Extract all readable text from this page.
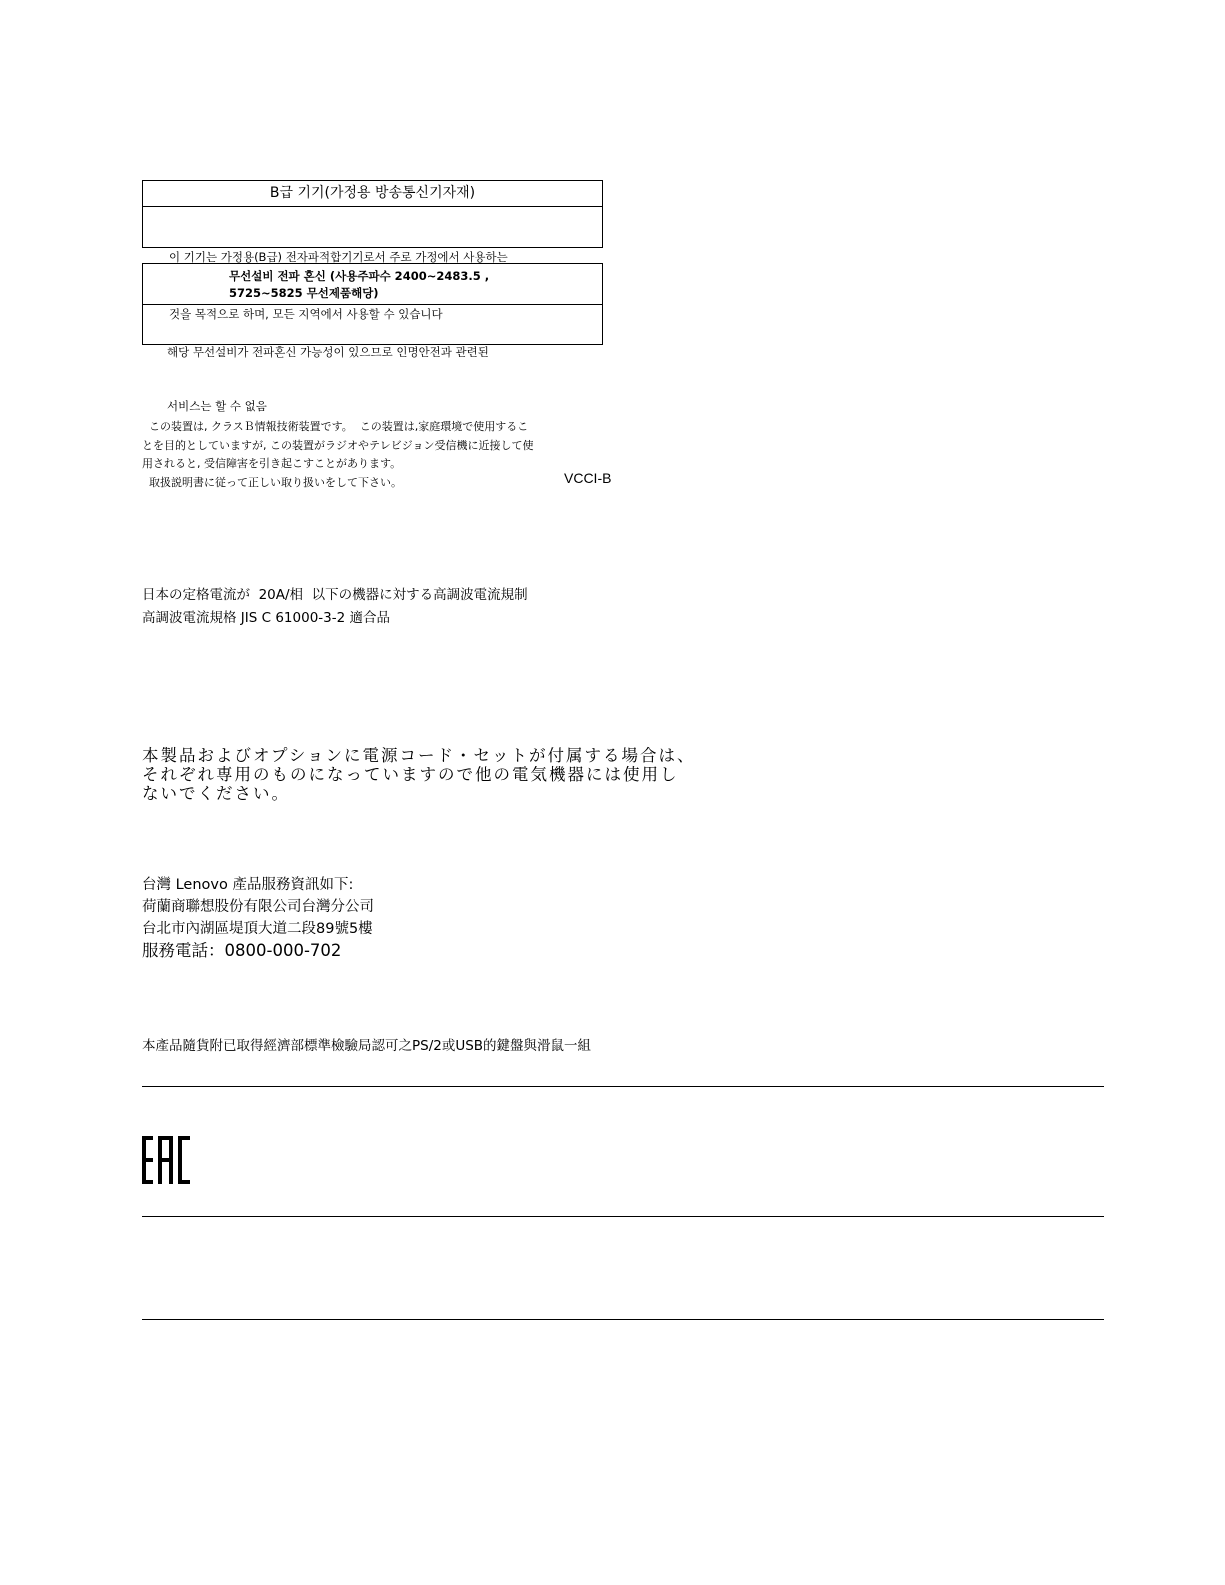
B급 기기(가정용 방송통신기자재)

이 기기는 가정용(B급) 전자파적합기기로서 주로 가정에서 사용하는

것을 목적으로 하며, 모든 지역에서 사용할 수 있습니다

무선설비 전파 혼신 (사용주파수 2400∼2483.5 ,
5725∼5825 무선제품해당)

해당 무선설비가 전파혼신 가능성이 있으므로 인명안전과 관련된

서비스는 할 수 없음

この装置は, クラスＢ情報技術装置です。  この装置は,家庭環境で使用するこ
とを目的としていますが, この装置がラジオやテレビジョン受信機に近接して使
用されると, 受信障害を引き起こすことがあります。
取扱説明書に従って正しい取り扱いをして下さい。	VCCI-B
日本の定格電流が  20A/相  以下の機器に対する高調波電流規制
高調波電流規格 JIS C 61000-3-2 適合品
本製品およびオプションに電源コード・セットが付属する場合は、
それぞれ専用のものになっていますので他の電気機器には使用し
ないでください。
台灣 Lenovo 產品服務資訊如下:
荷蘭商聯想股份有限公司台灣分公司
台北市內湖區堤頂大道二段89號5樓
服務電話：0800-000-702
本產品隨貨附已取得經濟部標準檢驗局認可之PS/2或USB的鍵盤與滑鼠一組
